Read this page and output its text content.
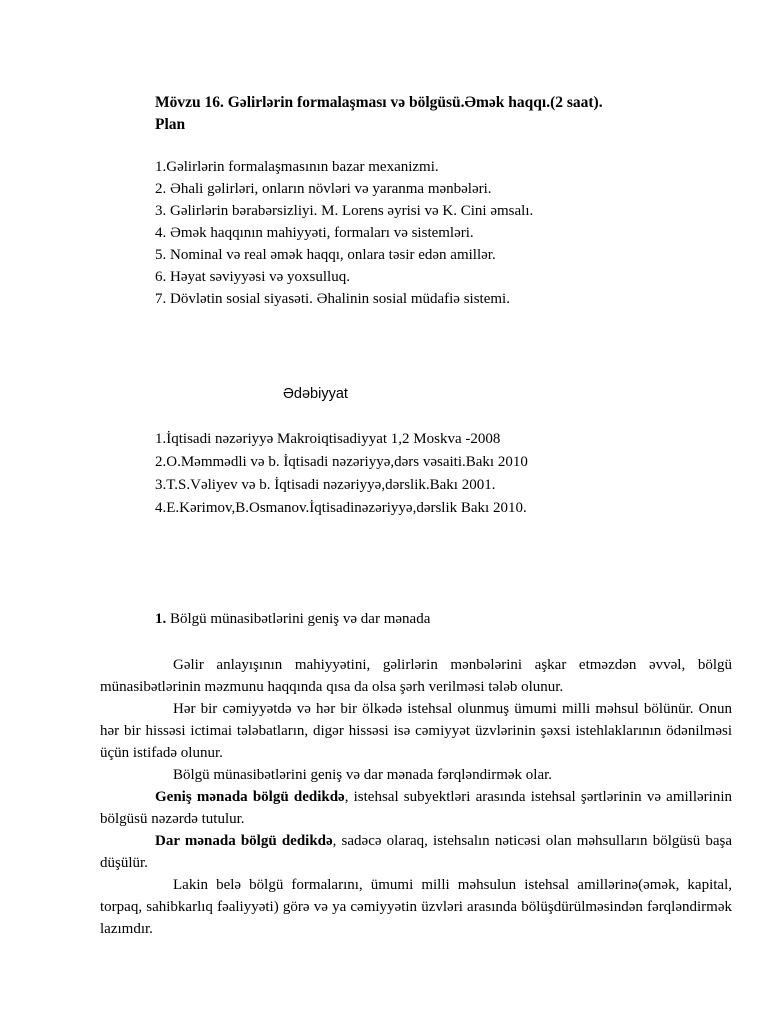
Mövzu 16. Gəlirlərin formalaşması və bölgüsü.Əmək haqqı.(2 saat).
Plan
1.Gəlirlərin formalaşmasının bazar mexanizmi.
2. Əhali gəlirləri, onların növləri və yaranma mənbələri.
3. Gəlirlərin bərabərsizliyi. M. Lorens əyrisi və K. Cini əmsalı.
4. Əmək haqqının mahiyyəti, formaları və sistemləri.
5. Nominal və real əmək haqqı, onlara təsir edən amillər.
6. Həyat səviyyəsi və yoxsulluq.
7. Dövlətin sosial siyasəti. Əhalinin sosial müdafiə sistemi.
Ədəbiyyat
1.İqtisadi nəzəriyyə Makroiqtisadiyyat 1,2 Moskva -2008
2.O.Məmmədli və b. İqtisadi nəzəriyyə,dərs vəsaiti.Bakı 2010
3.T.S.Vəliyev və b. İqtisadi nəzəriyyə,dərslik.Bakı 2001.
4.E.Kərimov,B.Osmanov.İqtisadinəzəriyyə,dərslik Bakı 2010.
1. Bölgü münasibətlərini geniş və dar mənada

Gəlir anlayışının mahiyyətini, gəlirlərin mənbələrini aşkar etməzdən əvvəl, bölgü münasibətlərinin məzmunu haqqında qısa da olsa şərh verilməsi tələb olunur.

Hər bir cəmiyyətdə və hər bir ölkədə istehsal olunmuş ümumi milli məhsul bölünür. Onun hər bir hissəsi ictimai tələbatların, digər hissəsi isə cəmiyyət üzvlərinin şəxsi istehlaklarının ödənilməsi üçün istifadə olunur.

Bölgü münasibətlərini geniş və dar mənada fərqləndirmək olar.

Geniş mənada bölgü dedikdə, istehsal subyektləri arasında istehsal şərtlərinin və amillərinin bölgüsü nəzərdə tutulur.

Dar mənada bölgü dedikdə, sadəcə olaraq, istehsalın nəticəsi olan məhsulların bölgüsü başa düşülür.

Lakin belə bölgü formalarını, ümumi milli məhsulun istehsal amillərinə(əmək, kapital, torpaq, sahibkarlıq fəaliyyəti) görə və ya cəmiyyətin üzvləri arasında bölüşdürülməsindən fərqləndirmək lazımdır.
